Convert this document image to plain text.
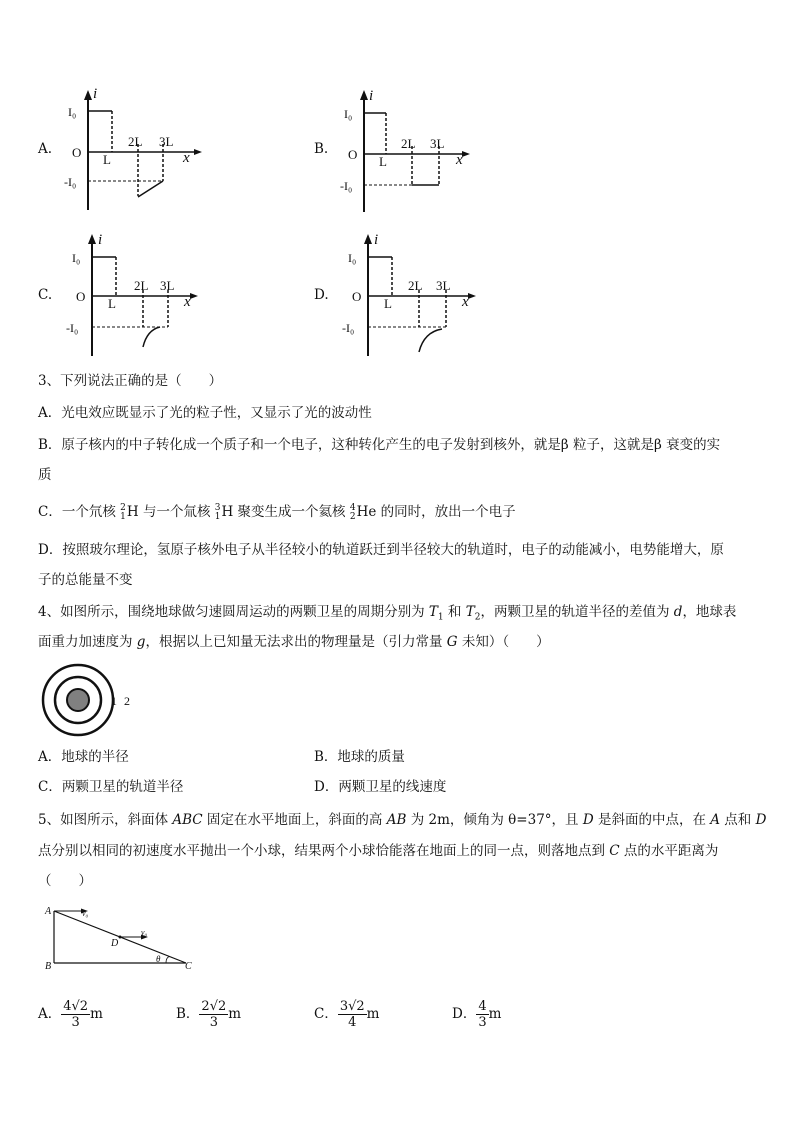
A.
i
I₀
O
-I₀
L
2L 3L
x
B.
i
I₀
O
-I₀
L
2L 3L
x
C.
i
I₀
O
-I₀
L
2L 3L
x	D.
i
I₀
O
-I₀
L
2L 3L
x
3、下列说法正确的是（　　）
A．光电效应既显示了光的粒子性，又显示了光的波动性
B．原子核内的中子转化成一个质子和一个电子，这种转化产生的电子发射到核外，就是β 粒子，这就是β 衰变的实
质
C．一个氘核 2
1 H 与一个氚核 3
1 H 聚变生成一个氦核 4
2 He 的同时，放出一个电子
D．按照玻尔理论，氢原子核外电子从半径较小的轨道跃迁到半径较大的轨道时，电子的动能减小，电势能增大，原
子的总能量不变
4、如图所示，围绕地球做匀速圆周运动的两颗卫星的周期分别为 $T_1$ 和 $T_2$，两颗卫星的轨道半径的差值为 d，地球表
面重力加速度为 g，根据以上已知量无法求出的物理量是（引力常量 G 未知）（　　）
1 2
A．地球的半径	B．地球的质量
C．两颗卫星的轨道半径	D．两颗卫星的线速度
5、如图所示，斜面体 ABC 固定在水平地面上，斜面的高 AB 为 2m，倾角为 θ=37°，且 D 是斜面的中点，在 A 点和 D
点分别以相同的初速度水平抛出一个小球，结果两个小球恰能落在地面上的同一点，则落地点到 C 点的水平距离为
（　　）
A
B	C
D
v₀
v₀
θ
A． $\frac{4√2}{3}$ m	B． $\frac{2√2}{3}$ m	C． $\frac{3√2}{4}$ m	D． $\frac{4}{3}$ m
